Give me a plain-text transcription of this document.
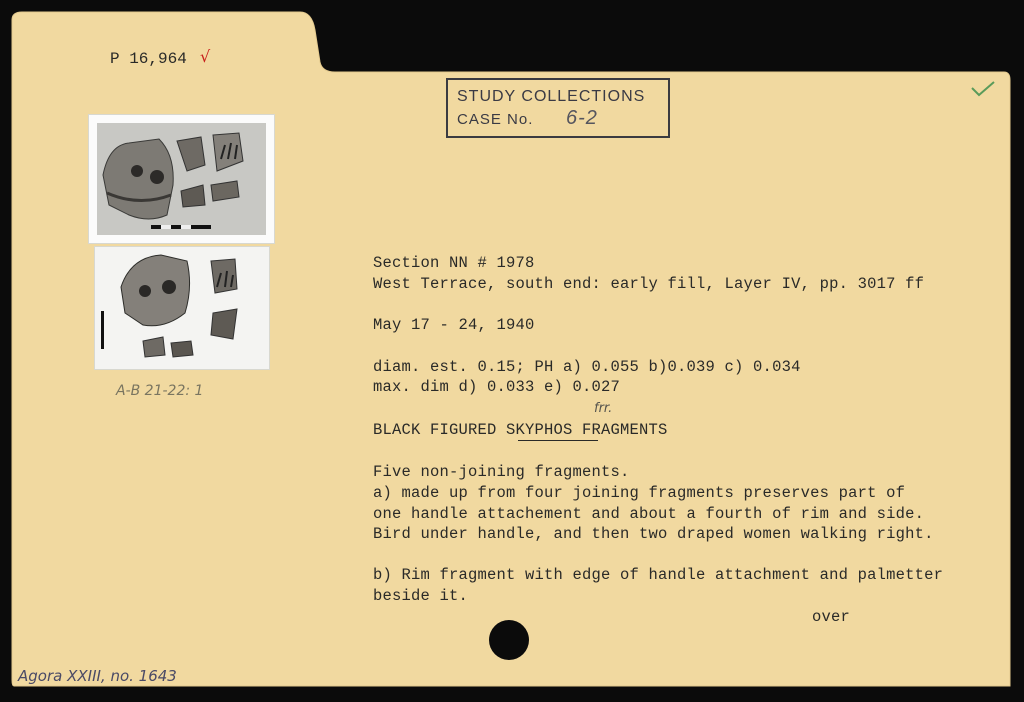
P 16,964 √
STUDY COLLECTIONS
CASE No. 6-2
A-B 21-22: 1
Section NN # 1978
West Terrace, south end: early fill, Layer IV, pp. 3017 ff
May 17 - 24, 1940
diam. est. 0.15; PH a) 0.055 b)0.039 c) 0.034
max. dim d) 0.033 e) 0.027
BLACK FIGURED SKYPHOS FRAGMENTS
frr.
Five non-joining fragments.
a) made up from four joining fragments preserves part of
one handle attachement and about a fourth of rim and side.
Bird under handle, and then two draped women walking right.
b) Rim fragment with edge of handle attachment and palmetter
beside it.
over
Agora XXIII, no. 1643
